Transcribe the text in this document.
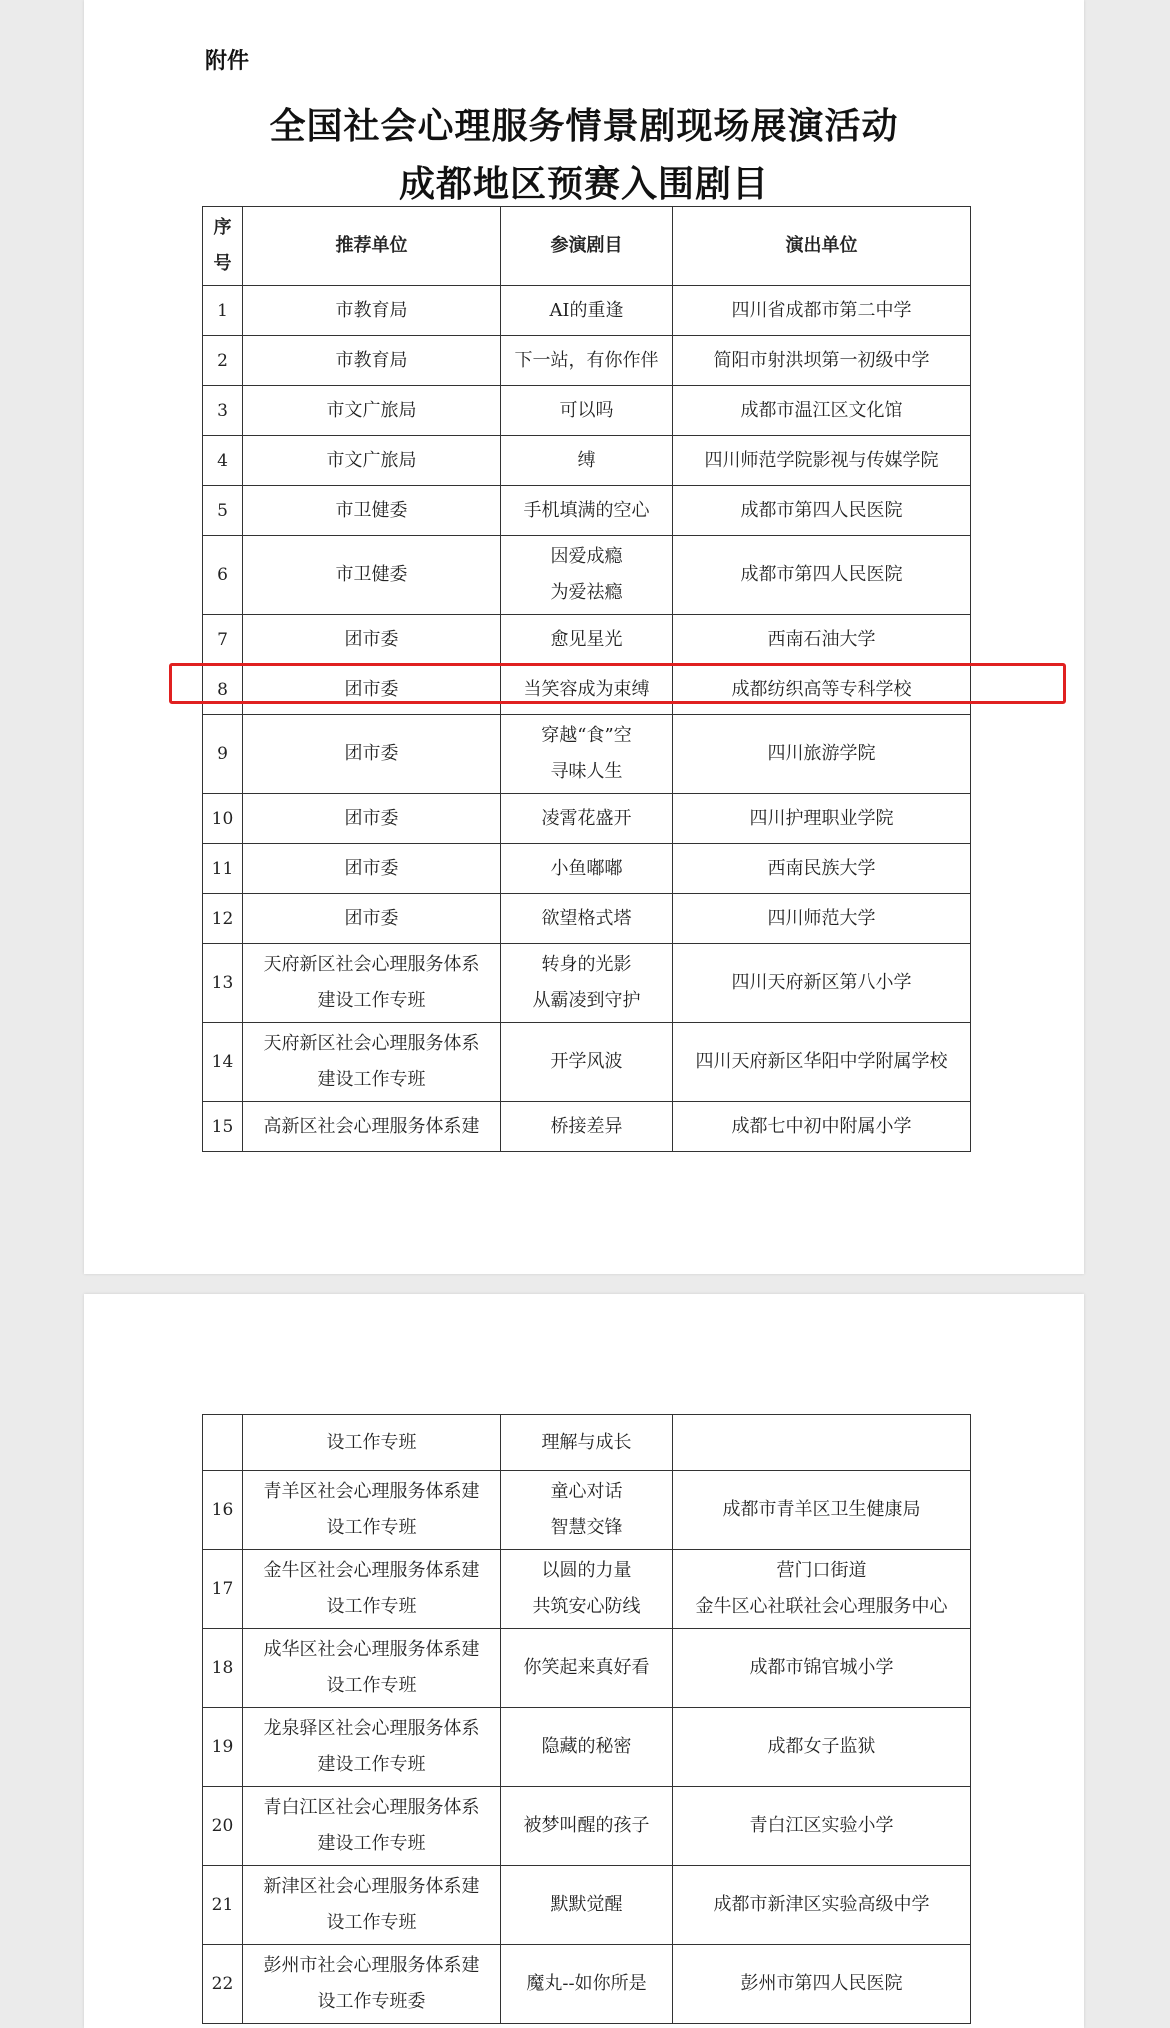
附件
全国社会心理服务情景剧现场展演活动
成都地区预赛入围剧目
序
号	推荐单位	参演剧目	演出单位
1	市教育局	AI的重逢	四川省成都市第二中学

2	市教育局	下一站，有你作伴	简阳市射洪坝第一初级中学

3	市文广旅局	可以吗	成都市温江区文化馆

4	市文广旅局	缚	四川师范学院影视与传媒学院

5	市卫健委	手机填满的空心	成都市第四人民医院

6	市卫健委	因爱成瘾
为爱祛瘾	成都市第四人民医院

7	团市委	愈见星光	西南石油大学

8	团市委	当笑容成为束缚	成都纺织高等专科学校

9	团市委	穿越“食”空
寻味人生	四川旅游学院

10	团市委	凌霄花盛开	四川护理职业学院

11	团市委	小鱼嘟嘟	西南民族大学

12	团市委	欲望格式塔	四川师范大学

13	天府新区社会心理服务体系
建设工作专班	转身的光影
从霸凌到守护	四川天府新区第八小学

14	天府新区社会心理服务体系
建设工作专班	开学风波	四川天府新区华阳中学附属学校

15	高新区社会心理服务体系建	桥接差异	成都七中初中附属小学

	设工作专班	理解与成长	

16	青羊区社会心理服务体系建
设工作专班	童心对话
智慧交锋	成都市青羊区卫生健康局

17	金牛区社会心理服务体系建
设工作专班	以圆的力量
共筑安心防线	营门口街道
金牛区心社联社会心理服务中心

18	成华区社会心理服务体系建
设工作专班	你笑起来真好看	成都市锦官城小学

19	龙泉驿区社会心理服务体系
建设工作专班	隐藏的秘密	成都女子监狱

20	青白江区社会心理服务体系
建设工作专班	被梦叫醒的孩子	青白江区实验小学

21	新津区社会心理服务体系建
设工作专班	默默觉醒	成都市新津区实验高级中学

22	彭州市社会心理服务体系建
设工作专班委	魔丸--如你所是	彭州市第四人民医院
